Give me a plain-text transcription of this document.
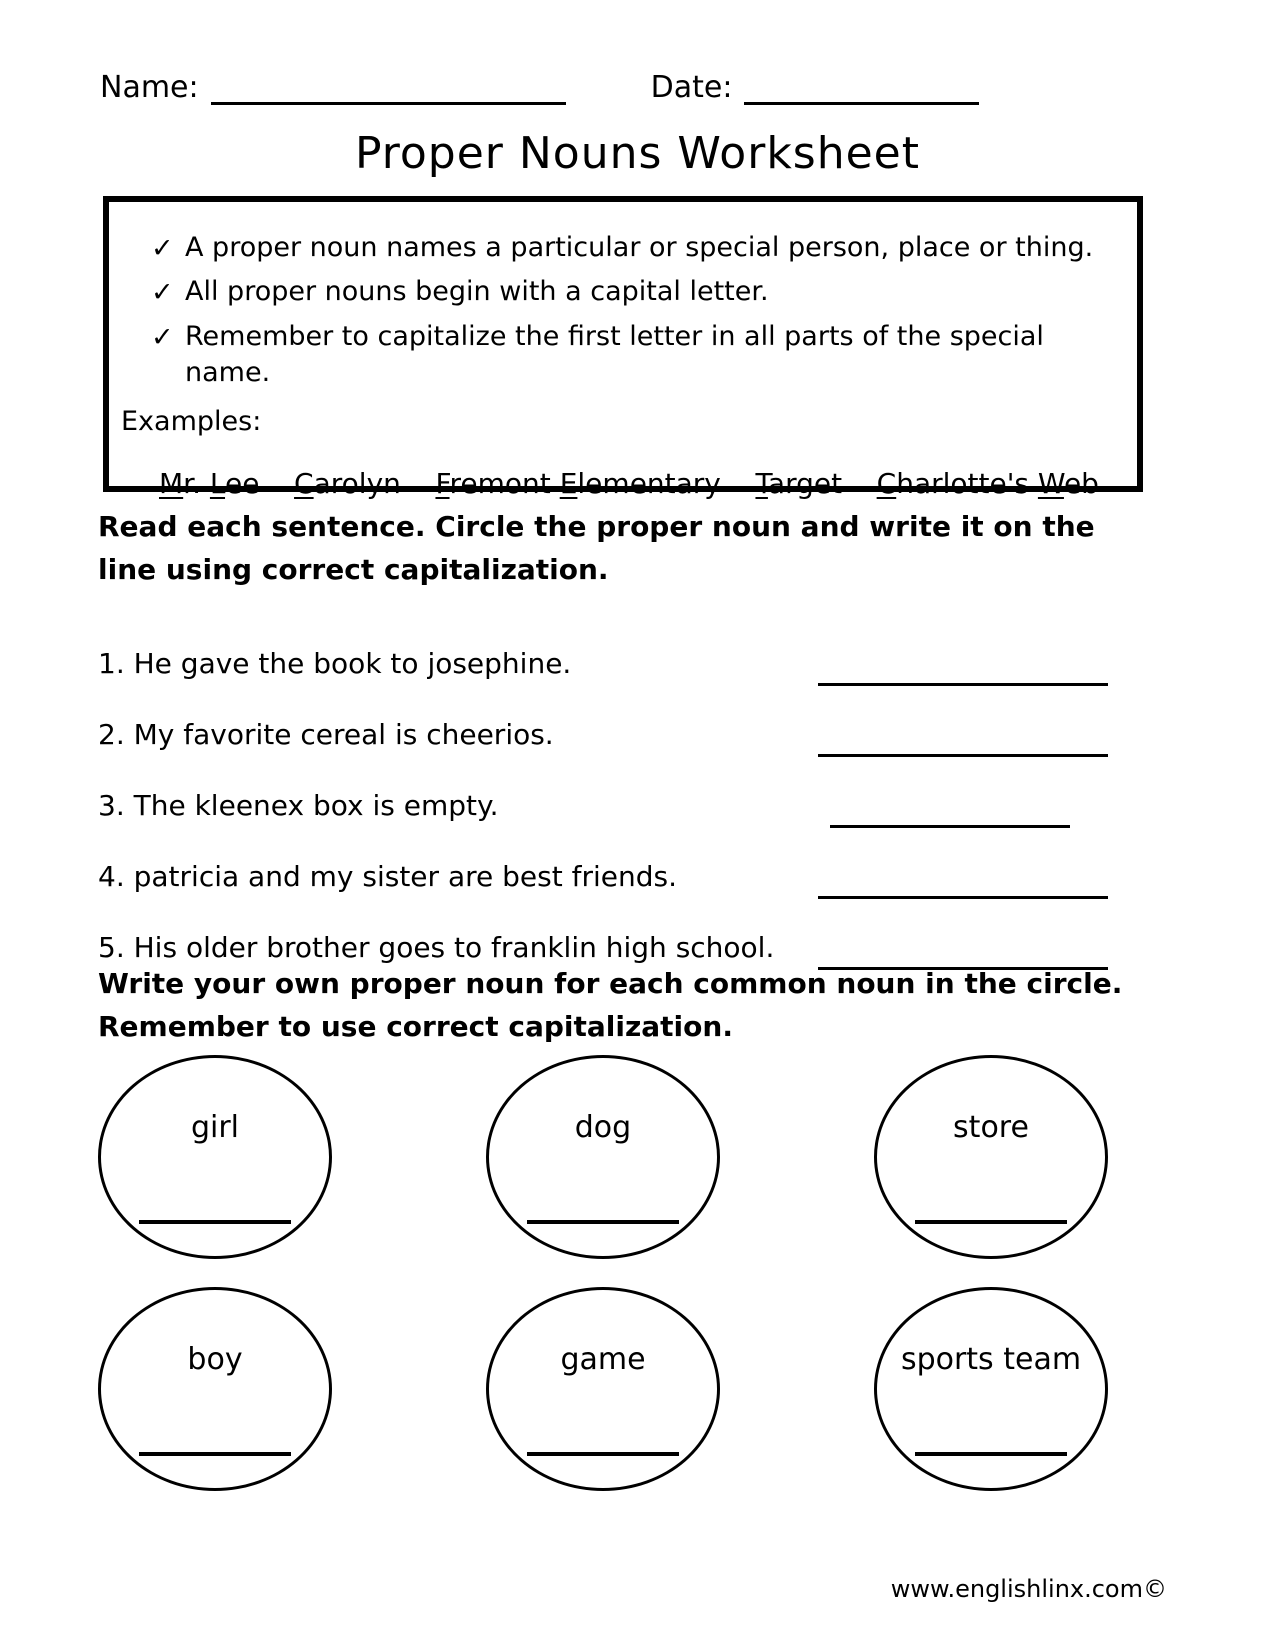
Name:	Date:
Proper Nouns Worksheet
✓ A proper noun names a particular or special person, place or thing.
✓ All proper nouns begin with a capital letter.
✓ Remember to capitalize the first letter in all parts of the special name.
Examples:
Mr. Lee Carolyn Fremont Elementary Target Charlotte's Web
Read each sentence. Circle the proper noun and write it on the line using correct capitalization.
1. He gave the book to josephine.
2. My favorite cereal is cheerios.
3. The kleenex box is empty.
4. patricia and my sister are best friends.
5. His older brother goes to franklin high school.
Write your own proper noun for each common noun in the circle. Remember to use correct capitalization.
girl	dog	store
boy	game	sports team
www.englishlinx.com©
